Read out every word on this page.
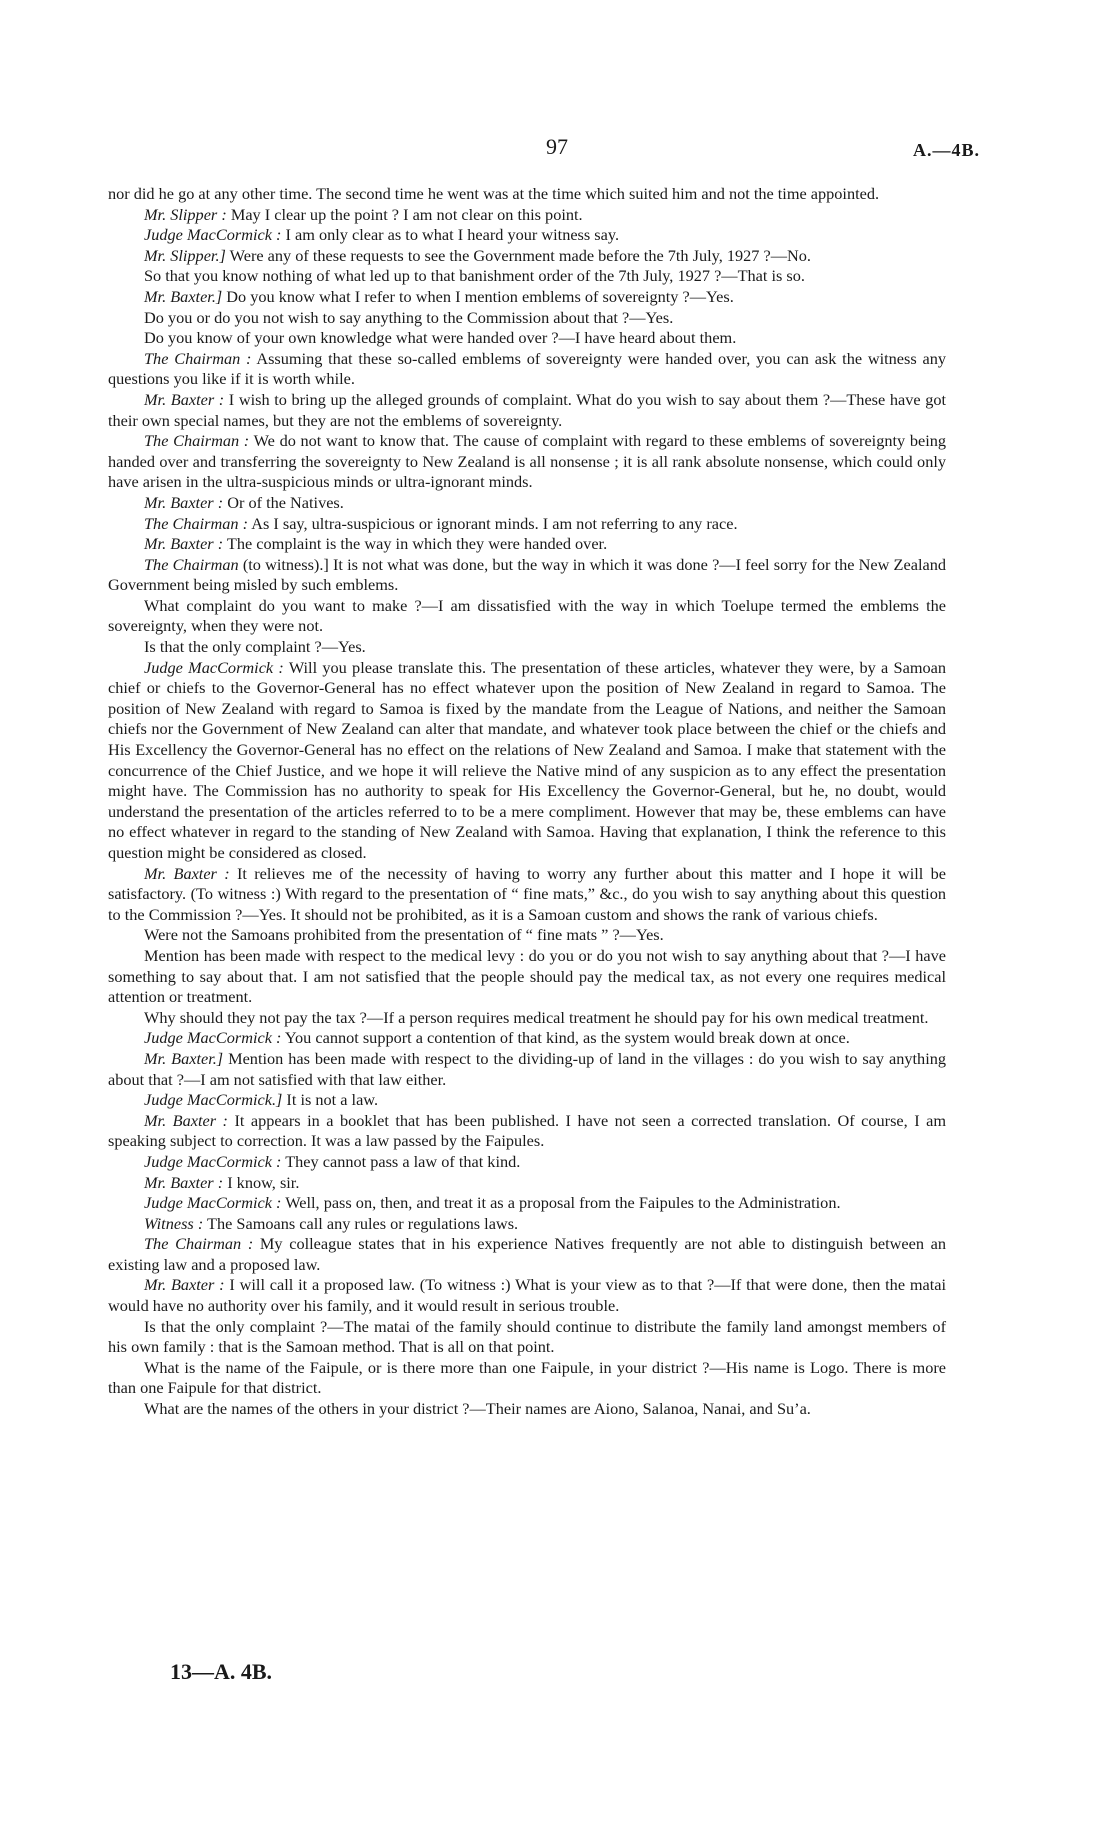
97	A.—4B.

nor did he go at any other time. The second time he went was at the time which suited him and not the time appointed.

Mr. Slipper : May I clear up the point ? I am not clear on this point.

Judge MacCormick : I am only clear as to what I heard your witness say.

Mr. Slipper.] Were any of these requests to see the Government made before the 7th July, 1927 ?—No.

So that you know nothing of what led up to that banishment order of the 7th July, 1927 ?—That is so.

Mr. Baxter.] Do you know what I refer to when I mention emblems of sovereignty ?—Yes.

Do you or do you not wish to say anything to the Commission about that ?—Yes.

Do you know of your own knowledge what were handed over ?—I have heard about them.

The Chairman : Assuming that these so-called emblems of sovereignty were handed over, you can ask the witness any questions you like if it is worth while.

Mr. Baxter : I wish to bring up the alleged grounds of complaint. What do you wish to say about them ?—These have got their own special names, but they are not the emblems of sovereignty.

The Chairman : We do not want to know that. The cause of complaint with regard to these emblems of sovereignty being handed over and transferring the sovereignty to New Zealand is all nonsense ; it is all rank absolute nonsense, which could only have arisen in the ultra-suspicious minds or ultra-ignorant minds.

Mr. Baxter : Or of the Natives.

The Chairman : As I say, ultra-suspicious or ignorant minds. I am not referring to any race.

Mr. Baxter : The complaint is the way in which they were handed over.

The Chairman (to witness).] It is not what was done, but the way in which it was done ?—I feel sorry for the New Zealand Government being misled by such emblems.

What complaint do you want to make ?—I am dissatisfied with the way in which Toelupe termed the emblems the sovereignty, when they were not.

Is that the only complaint ?—Yes.

Judge MacCormick : Will you please translate this. The presentation of these articles, whatever they were, by a Samoan chief or chiefs to the Governor-General has no effect whatever upon the position of New Zealand in regard to Samoa. The position of New Zealand with regard to Samoa is fixed by the mandate from the League of Nations, and neither the Samoan chiefs nor the Government of New Zealand can alter that mandate, and whatever took place between the chief or the chiefs and His Excellency the Governor-General has no effect on the relations of New Zealand and Samoa. I make that statement with the concurrence of the Chief Justice, and we hope it will relieve the Native mind of any suspicion as to any effect the presentation might have. The Commission has no authority to speak for His Excellency the Governor-General, but he, no doubt, would understand the presentation of the articles referred to to be a mere compliment. However that may be, these emblems can have no effect whatever in regard to the standing of New Zealand with Samoa. Having that explanation, I think the reference to this question might be considered as closed.

Mr. Baxter : It relieves me of the necessity of having to worry any further about this matter and I hope it will be satisfactory. (To witness :) With regard to the presentation of “ fine mats,” &c., do you wish to say anything about this question to the Commission ?—Yes. It should not be prohibited, as it is a Samoan custom and shows the rank of various chiefs.

Were not the Samoans prohibited from the presentation of “ fine mats ” ?—Yes.

Mention has been made with respect to the medical levy : do you or do you not wish to say anything about that ?—I have something to say about that. I am not satisfied that the people should pay the medical tax, as not every one requires medical attention or treatment.

Why should they not pay the tax ?—If a person requires medical treatment he should pay for his own medical treatment.

Judge MacCormick : You cannot support a contention of that kind, as the system would break down at once.

Mr. Baxter.] Mention has been made with respect to the dividing-up of land in the villages : do you wish to say anything about that ?—I am not satisfied with that law either.

Judge MacCormick.] It is not a law.

Mr. Baxter : It appears in a booklet that has been published. I have not seen a corrected translation. Of course, I am speaking subject to correction. It was a law passed by the Faipules.

Judge MacCormick : They cannot pass a law of that kind.

Mr. Baxter : I know, sir.

Judge MacCormick : Well, pass on, then, and treat it as a proposal from the Faipules to the Administration.

Witness : The Samoans call any rules or regulations laws.

The Chairman : My colleague states that in his experience Natives frequently are not able to distinguish between an existing law and a proposed law.

Mr. Baxter : I will call it a proposed law. (To witness :) What is your view as to that ?—If that were done, then the matai would have no authority over his family, and it would result in serious trouble.

Is that the only complaint ?—The matai of the family should continue to distribute the family land amongst members of his own family : that is the Samoan method. That is all on that point.

What is the name of the Faipule, or is there more than one Faipule, in your district ?—His name is Logo. There is more than one Faipule for that district.

What are the names of the others in your district ?—Their names are Aiono, Salanoa, Nanai, and Su’a.

13—A. 4B.
